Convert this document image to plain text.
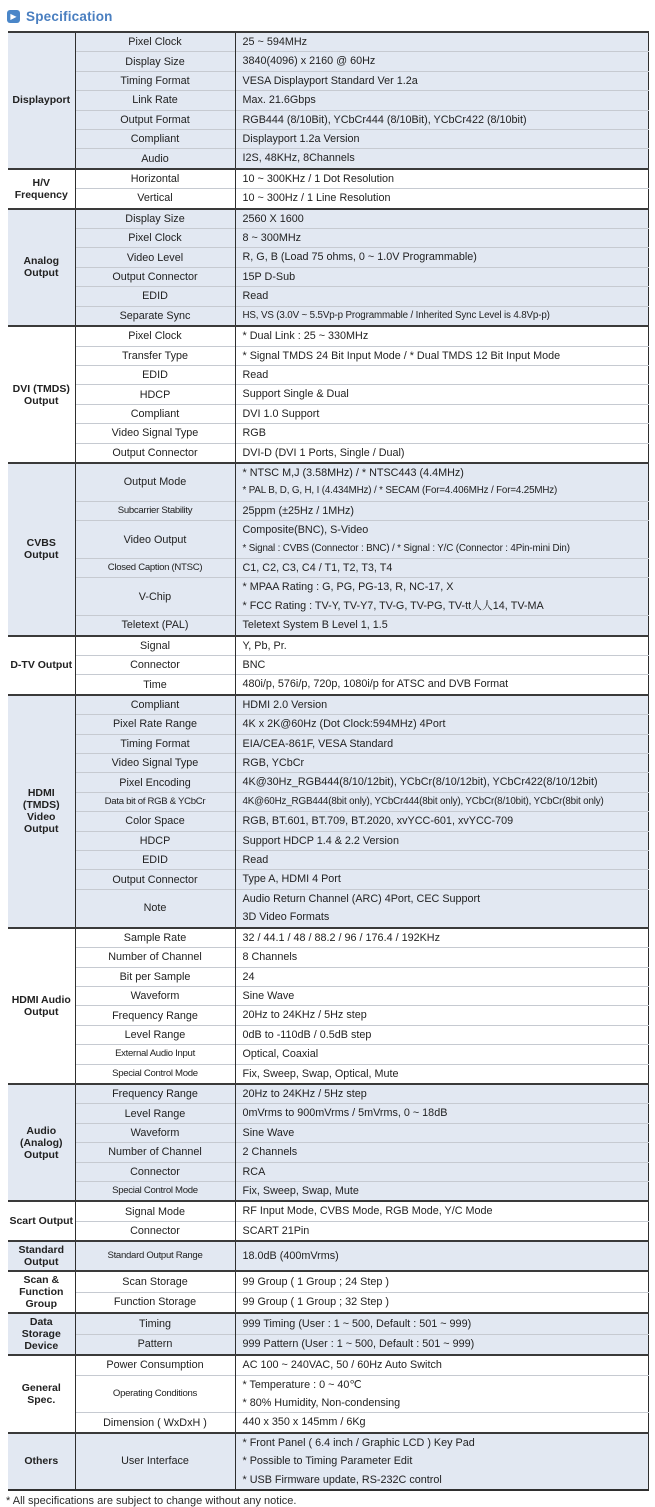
▶ Specification
Displayport	Pixel Clock	25 ~ 594MHz

	Display Size	3840(4096) x 2160 @ 60Hz

	Timing Format	VESA Displayport Standard Ver 1.2a

	Link Rate	Max. 21.6Gbps

	Output Format	RGB444 (8/10Bit), YCbCr444 (8/10Bit), YCbCr422 (8/10bit)

	Compliant	Displayport 1.2a Version

	Audio	I2S, 48KHz, 8Channels

H/V Frequency	Horizontal	10 ~ 300KHz / 1 Dot Resolution

	Vertical	10 ~ 300Hz / 1 Line Resolution

Analog Output	Display Size	2560 X 1600

	Pixel Clock	8 ~ 300MHz

	Video Level	R, G, B (Load 75 ohms, 0 ~ 1.0V Programmable)

	Output Connector	15P D-Sub

	EDID	Read

	Separate Sync	HS, VS (3.0V ~ 5.5Vp-p Programmable / Inherited Sync Level is 4.8Vp-p)

DVI (TMDS) Output	Pixel Clock	* Dual Link : 25 ~ 330MHz

	Transfer Type	* Signal TMDS 24 Bit Input Mode / * Dual TMDS 12 Bit Input Mode

	EDID	Read

	HDCP	Support Single & Dual

	Compliant	DVI 1.0 Support

	Video Signal Type	RGB

	Output Connector	DVI-D (DVI 1 Ports, Single / Dual)

CVBS Output	Output Mode	* NTSC M,J (3.58MHz) / * NTSC443 (4.4MHz)
* PAL B, D, G, H, I (4.434MHz) / * SECAM (For=4.406MHz / For=4.25MHz)

	Subcarrier Stability	25ppm (±25Hz / 1MHz)

	Video Output	Composite(BNC), S-Video
* Signal : CVBS (Connector : BNC) / * Signal : Y/C (Connector : 4Pin-mini Din)

	Closed Caption (NTSC)	C1, C2, C3, C4 / T1, T2, T3, T4

	V-Chip	* MPAA Rating : G, PG, PG-13, R, NC-17, X
* FCC Rating : TV-Y, TV-Y7, TV-G, TV-PG, TV-tt人人14, TV-MA

	Teletext (PAL)	Teletext System B Level 1, 1.5

D-TV Output	Signal	Y, Pb, Pr.

	Connector	BNC

	Time	480i/p, 576i/p, 720p, 1080i/p for ATSC and DVB Format

HDMI (TMDS) Video Output	Compliant	HDMI 2.0 Version

	Pixel Rate Range	4K x 2K@60Hz (Dot Clock:594MHz) 4Port

	Timing Format	EIA/CEA-861F, VESA Standard

	Video Signal Type	RGB, YCbCr

	Pixel Encoding	4K@30Hz_RGB444(8/10/12bit), YCbCr(8/10/12bit), YCbCr422(8/10/12bit)

	Data bit of RGB & YCbCr	4K@60Hz_RGB444(8bit only), YCbCr444(8bit only), YCbCr(8/10bit), YCbCr(8bit only)

	Color Space	RGB, BT.601, BT.709, BT.2020, xvYCC-601, xvYCC-709

	HDCP	Support HDCP 1.4 & 2.2 Version

	EDID	Read

	Output Connector	Type A, HDMI 4 Port

	Note	Audio Return Channel (ARC) 4Port, CEC Support
3D Video Formats

HDMI Audio Output	Sample Rate	32 / 44.1 / 48 / 88.2 / 96 / 176.4 / 192KHz

	Number of Channel	8 Channels

	Bit per Sample	24

	Waveform	Sine Wave

	Frequency Range	20Hz to 24KHz / 5Hz step

	Level Range	0dB to -110dB / 0.5dB step

	External Audio Input	Optical, Coaxial

	Special Control Mode	Fix, Sweep, Swap, Optical, Mute

Audio (Analog) Output	Frequency Range	20Hz to 24KHz / 5Hz step

	Level Range	0mVrms to 900mVrms / 5mVrms, 0 ~ 18dB

	Waveform	Sine Wave

	Number of Channel	2 Channels

	Connector	RCA

	Special Control Mode	Fix, Sweep, Swap, Mute

Scart Output	Signal Mode	RF Input Mode, CVBS Mode, RGB Mode, Y/C Mode

	Connector	SCART 21Pin

Standard Output	Standard Output Range	18.0dB (400mVrms)

Scan & Function Group	Scan Storage	99 Group ( 1 Group ; 24 Step )

	Function Storage	99 Group ( 1 Group ; 32 Step )

Data Storage Device	Timing	999 Timing (User : 1 ~ 500, Default : 501 ~ 999)

	Pattern	999 Pattern (User : 1 ~ 500, Default : 501 ~ 999)

General Spec.	Power Consumption	AC 100 ~ 240VAC, 50 / 60Hz Auto Switch

	Operating Conditions	* Temperature : 0 ~ 40℃
* 80% Humidity, Non-condensing

	Dimension ( WxDxH )	440 x 350 x 145mm / 6Kg

Others	User Interface	* Front Panel ( 6.4 inch / Graphic LCD ) Key Pad
* Possible to Timing Parameter Edit
* USB Firmware update, RS-232C control
* All specifications are subject to change without any notice.
